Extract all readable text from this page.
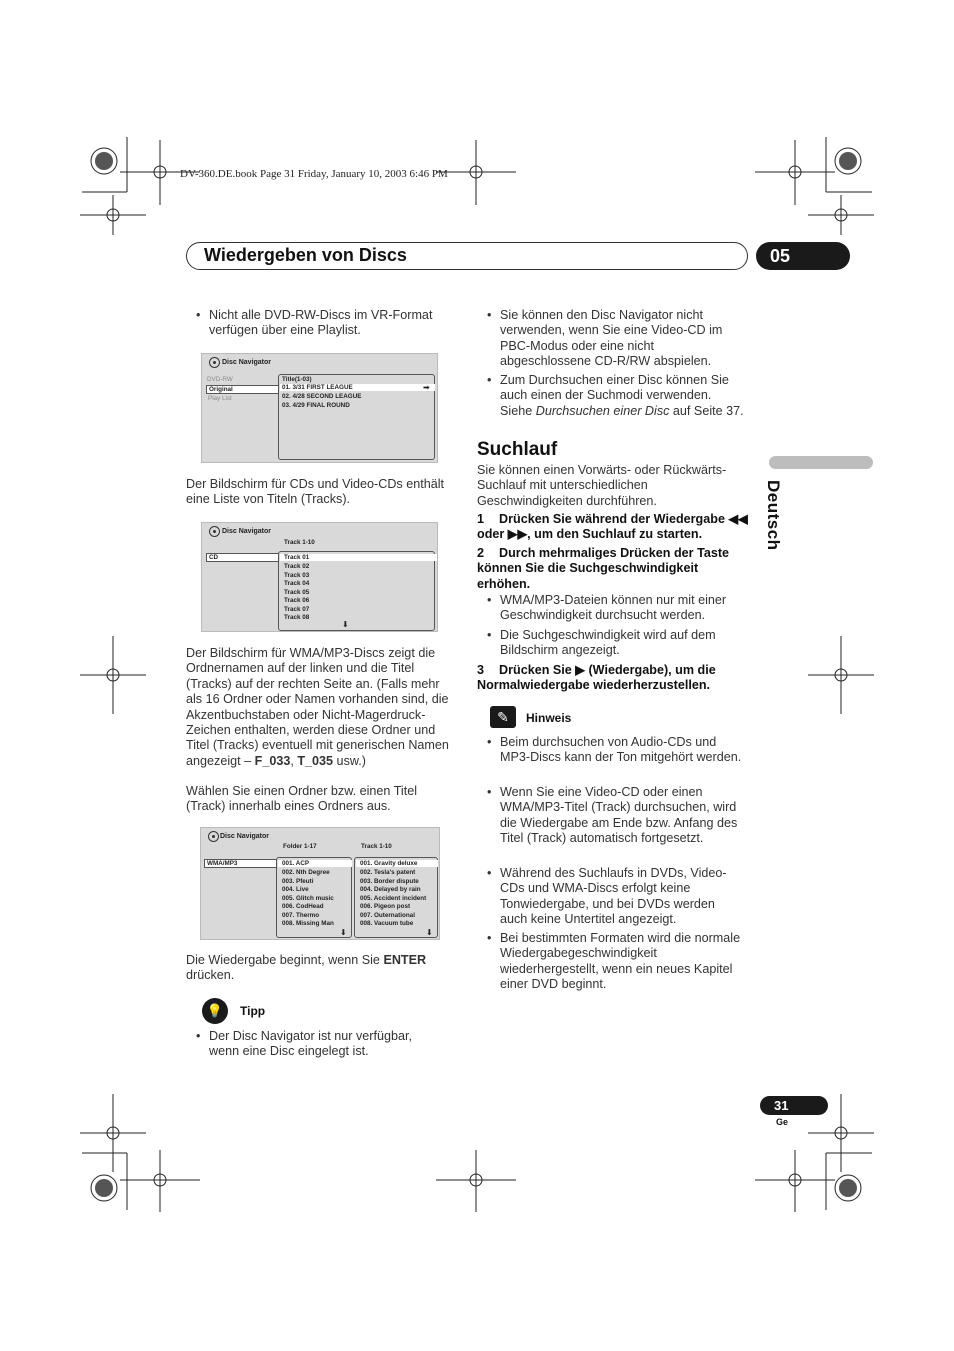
DV-360.DE.book Page 31 Friday, January 10, 2003 6:46 PM
Wiedergeben von Discs	05
Deutsch
• Nicht alle DVD-RW-Discs im VR-Format verfügen über eine Playlist.
Disc Navigator
DVD-RW
Original
Play List
Title(1-03)
01. 3/31 FIRST LEAGUE	➡
02. 4/28 SECOND LEAGUE
03. 4/29 FINAL ROUND
Der Bildschirm für CDs und Video-CDs enthält eine Liste von Titeln (Tracks).
Disc Navigator
Track 1-10
CD	Track 01
Track 02
Track 03
Track 04
Track 05
Track 06
Track 07
Track 08
⬇
Der Bildschirm für WMA/MP3-Discs zeigt die Ordnernamen auf der linken und die Titel (Tracks) auf der rechten Seite an. (Falls mehr als 16 Ordner oder Namen vorhanden sind, die Akzentbuchstaben oder Nicht-Magerdruck-Zeichen enthalten, werden diese Ordner und Titel (Tracks) eventuell mit generischen Namen angezeigt – F_033, T_035 usw.)
Wählen Sie einen Ordner bzw. einen Titel (Track) innerhalb eines Ordners aus.
Disc Navigator
Folder 1-17	Track 1-10
WMA/MP3	001. ACP
002. Nth Degree
003. Pfeuti
004. Live
005. Glitch music
006. CodHead
007. Thermo
008. Missing Man
⬇
001. Gravity deluxe
002. Tesla's patent
003. Border dispute
004. Delayed by rain
005. Accident incident
006. Pigeon post
007. Outernational
008. Vacuum tube
⬇
Die Wiedergabe beginnt, wenn Sie ENTER drücken.
💡	Tipp
• Der Disc Navigator ist nur verfügbar, wenn eine Disc eingelegt ist.
• Sie können den Disc Navigator nicht verwenden, wenn Sie eine Video-CD im PBC-Modus oder eine nicht abgeschlossene CD-R/RW abspielen.
• Zum Durchsuchen einer Disc können Sie auch einen der Suchmodi verwenden. Siehe Durchsuchen einer Disc auf Seite 37.
Suchlauf
Sie können einen Vorwärts- oder Rückwärts-Suchlauf mit unterschiedlichen Geschwindigkeiten durchführen.
1 Drücken Sie während der Wiedergabe ◀◀ oder ▶▶, um den Suchlauf zu starten.
2 Durch mehrmaliges Drücken der Taste können Sie die Suchgeschwindigkeit erhöhen.
• WMA/MP3-Dateien können nur mit einer Geschwindigkeit durchsucht werden.
• Die Suchgeschwindigkeit wird auf dem Bildschirm angezeigt.
3 Drücken Sie ▶ (Wiedergabe), um die Normalwiedergabe wiederherzustellen.
✎	Hinweis
• Beim durchsuchen von Audio-CDs und MP3-Discs kann der Ton mitgehört werden.
• Wenn Sie eine Video-CD oder einen WMA/MP3-Titel (Track) durchsuchen, wird die Wiedergabe am Ende bzw. Anfang des Titel (Track) automatisch fortgesetzt.
• Während des Suchlaufs in DVDs, Video-CDs und WMA-Discs erfolgt keine Tonwiedergabe, und bei DVDs werden auch keine Untertitel angezeigt.
• Bei bestimmten Formaten wird die normale Wiedergabegeschwindigkeit wiederhergestellt, wenn ein neues Kapitel einer DVD beginnt.
31
Ge
